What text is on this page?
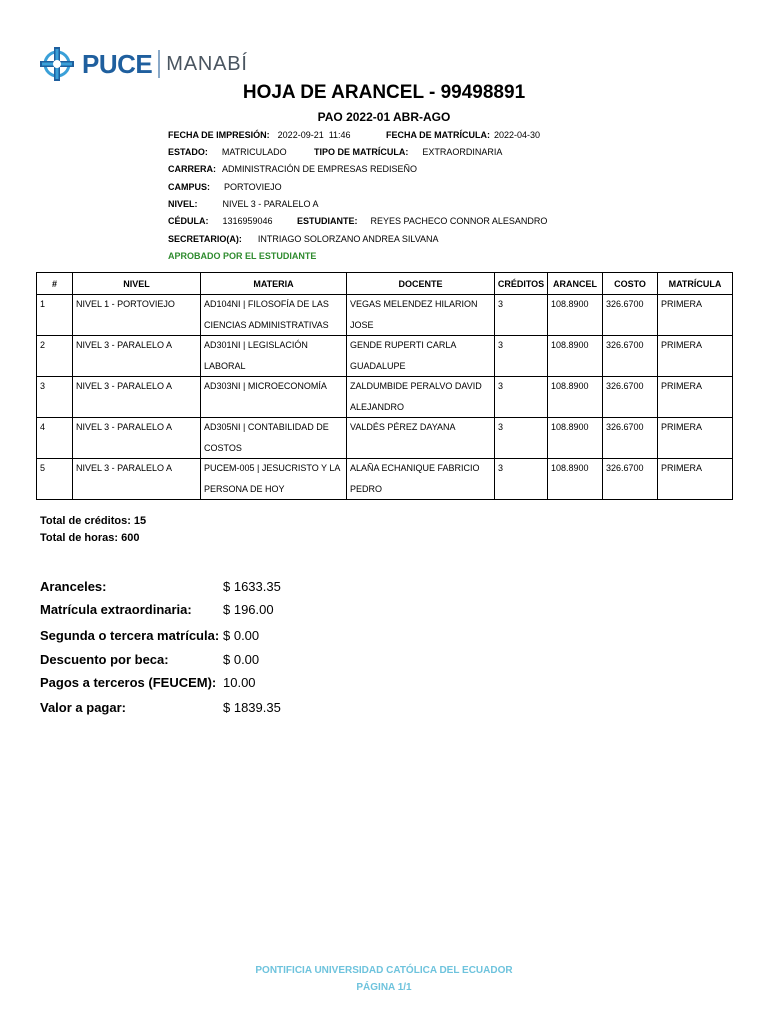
PUCE MANABÍ
HOJA DE ARANCEL - 99498891
PAO 2022-01 ABR-AGO
FECHA DE IMPRESIÓN: 2022-09-21  11:46	FECHA DE MATRÍCULA: 2022-04-30
ESTADO: MATRICULADO	TIPO DE MATRÍCULA: EXTRAORDINARIA
CARRERA: ADMINISTRACIÓN DE EMPRESAS REDISEÑO
CAMPUS: PORTOVIEJO
NIVEL:	NIVEL 3 - PARALELO A
CÉDULA: 1316959046	ESTUDIANTE: REYES PACHECO CONNOR ALESANDRO
SECRETARIO(A): INTRIAGO SOLORZANO ANDREA SILVANA
APROBADO POR EL ESTUDIANTE
#	NIVEL	MATERIA	DOCENTE	CRÉDITOS	ARANCEL	COSTO	MATRÍCULA

1	NIVEL 1 - PORTOVIEJO	AD104NI | FILOSOFÍA DE LAS CIENCIAS ADMINISTRATIVAS	VEGAS MELENDEZ HILARION JOSE	3	108.8900	326.6700	PRIMERA

2	NIVEL 3 - PARALELO A	AD301NI | LEGISLACIÓN LABORAL	GENDE RUPERTI CARLA GUADALUPE	3	108.8900	326.6700	PRIMERA

3	NIVEL 3 - PARALELO A	AD303NI | MICROECONOMÍA	ZALDUMBIDE PERALVO DAVID ALEJANDRO	3	108.8900	326.6700	PRIMERA

4	NIVEL 3 - PARALELO A	AD305NI | CONTABILIDAD DE COSTOS	VALDÉS PÉREZ DAYANA	3	108.8900	326.6700	PRIMERA

5	NIVEL 3 - PARALELO A	PUCEM-005 | JESUCRISTO Y LA PERSONA DE HOY	ALAÑA ECHANIQUE FABRICIO PEDRO	3	108.8900	326.6700	PRIMERA
Total de créditos: 15
Total de horas: 600
Aranceles:	$ 1633.35
Matrícula extraordinaria:	$ 196.00
Segunda o tercera matrícula: $ 0.00
Descuento por beca:	$ 0.00
Pagos a terceros (FEUCEM): 10.00
Valor a pagar:	$ 1839.35
PONTIFICIA UNIVERSIDAD CATÓLICA DEL ECUADOR
PÁGINA 1/1
